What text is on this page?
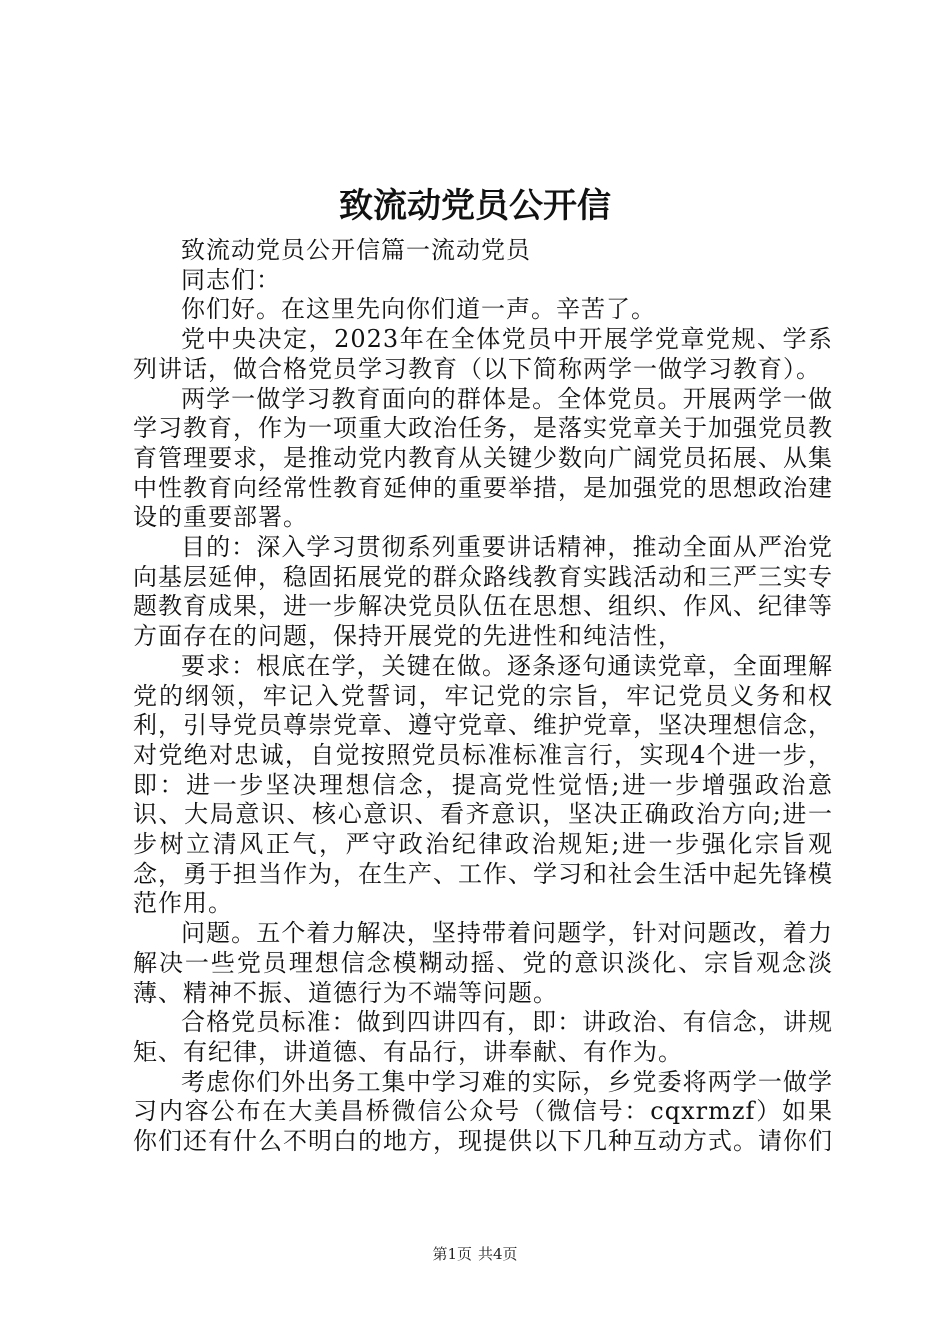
致流动党员公开信

致流动党员公开信篇一流动党员

同志们：

你们好。在这里先向你们道一声。辛苦了。

党中央决定，2023年在全体党员中开展学党章党规、学系列讲话，做合格党员学习教育（以下简称两学一做学习教育）。

两学一做学习教育面向的群体是。全体党员。开展两学一做学习教育，作为一项重大政治任务，是落实党章关于加强党员教育管理要求，是推动党内教育从关键少数向广阔党员拓展、从集中性教育向经常性教育延伸的重要举措，是加强党的思想政治建设的重要部署。

目的：深入学习贯彻系列重要讲话精神，推动全面从严治党向基层延伸，稳固拓展党的群众路线教育实践活动和三严三实专题教育成果，进一步解决党员队伍在思想、组织、作风、纪律等方面存在的问题，保持开展党的先进性和纯洁性，

要求：根底在学，关键在做。逐条逐句通读党章，全面理解党的纲领，牢记入党誓词，牢记党的宗旨，牢记党员义务和权利，引导党员尊崇党章、遵守党章、维护党章，坚决理想信念，对党绝对忠诚，自觉按照党员标准标准言行，实现4个进一步，即：进一步坚决理想信念，提高党性觉悟;进一步增强政治意识、大局意识、核心意识、看齐意识，坚决正确政治方向;进一步树立清风正气，严守政治纪律政治规矩;进一步强化宗旨观念，勇于担当作为，在生产、工作、学习和社会生活中起先锋模范作用。

问题。五个着力解决，坚持带着问题学，针对问题改，着力解决一些党员理想信念模糊动摇、党的意识淡化、宗旨观念淡薄、精神不振、道德行为不端等问题。

合格党员标准：做到四讲四有，即：讲政治、有信念，讲规矩、有纪律，讲道德、有品行，讲奉献、有作为。

考虑你们外出务工集中学习难的实际，乡党委将两学一做学习内容公布在大美昌桥微信公众号（微信号：cqxrmzf）如果你们还有什么不明白的地方，现提供以下几种互动方式。请你们

第1页 共4页
